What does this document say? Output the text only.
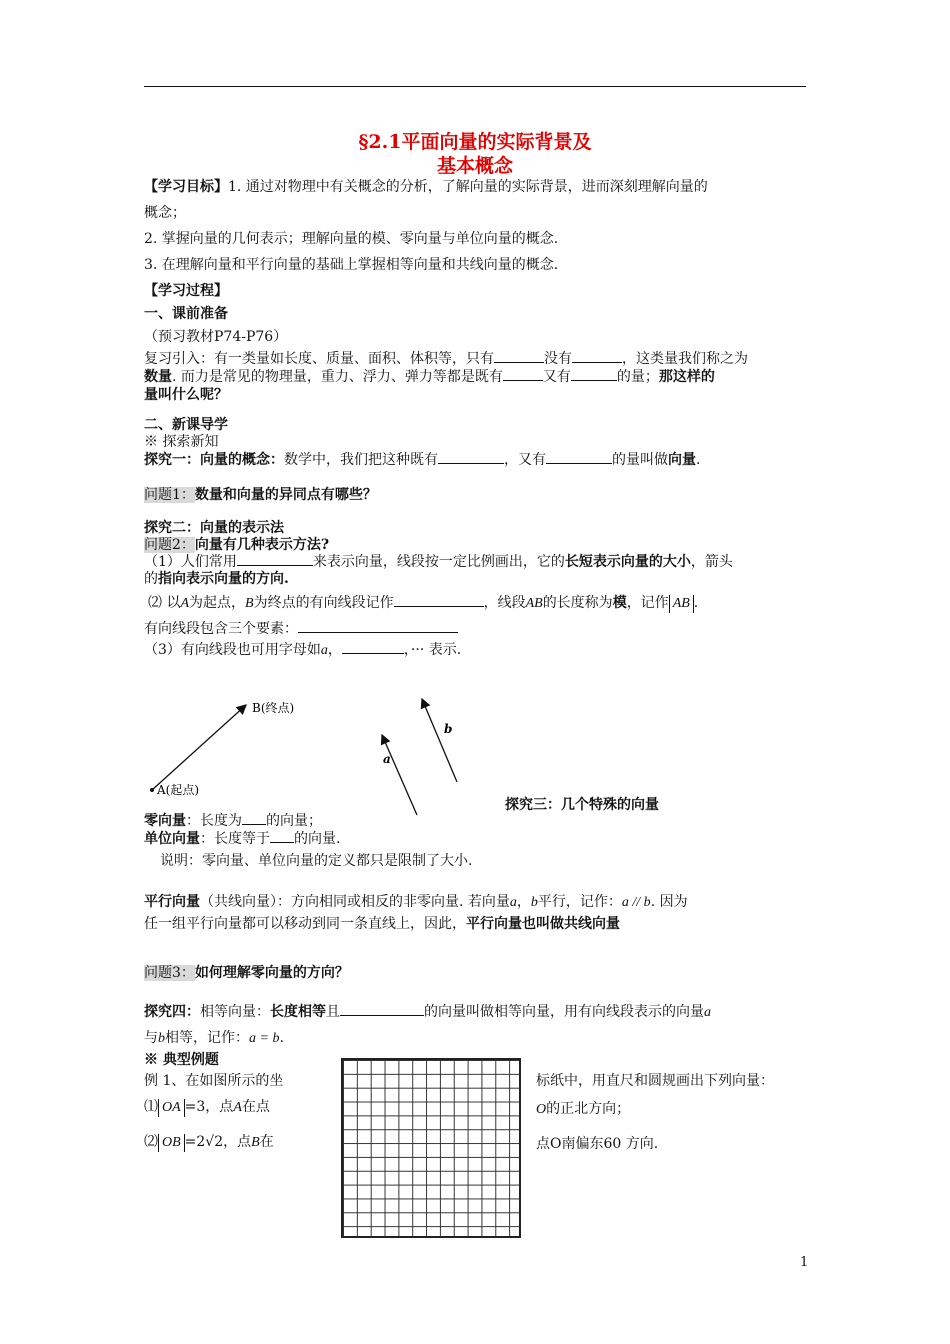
§2.1平面向量的实际背景及
基本概念
【学习目标】1. 通过对物理中有关概念的分析，了解向量的实际背景，进而深刻理解向量的
概念；
2. 掌握向量的几何表示；理解向量的模、零向量与单位向量的概念.
3. 在理解向量和平行向量的基础上掌握相等向量和共线向量的概念.
【学习过程】
一、课前准备
（预习教材P74-P76）
复习引入：有一类量如长度、质量、面积、体积等，只有	没有	，这类量我们称之为
数量. 而力是常见的物理量，重力、浮力、弹力等都是既有	又有	的量；那这样的
量叫什么呢？
二、新课导学
※ 探索新知
探究一：向量的概念：数学中，我们把这种既有	，又有	的量叫做向量.
问题1：数量和向量的异同点有哪些？
探究二：向量的表示法
问题2：向量有几种表示方法?
（1）人们常用	来表示向量，线段按一定比例画出，它的长短表示向量的大小，箭头
的指向表示向量的方向.
⑵ 以A为起点，B为终点的有向线段记作	，线段AB的长度称为模，记作 AB .
有向线段包含三个要素：
（3）有向线段也可用字母如a，	，··· 表示.
B(终点)
A(起点)
a
b
探究三：几个特殊的向量
零向量：长度为 的向量；
单位向量：长度等于 的向量.
说明：零向量、单位向量的定义都只是限制了大小.
平行向量（共线向量）：方向相同或相反的非零向量. 若向量a，b平行，记作：a // b. 因为
任一组平行向量都可以移动到同一条直线上，因此，平行向量也叫做共线向量
问题3：如何理解零向量的方向？
探究四：相等向量：长度相等且	的向量叫做相等向量，用有向线段表示的向量a
与b相等，记作：a = b.
※ 典型例题
例 1、在如图所示的坐	标纸中，用直尺和圆规画出下列向量：
⑴ OA =3，点A在点	O的正北方向；
⑵ OB =2√2，点B在	点O南偏东60 方向.
1
